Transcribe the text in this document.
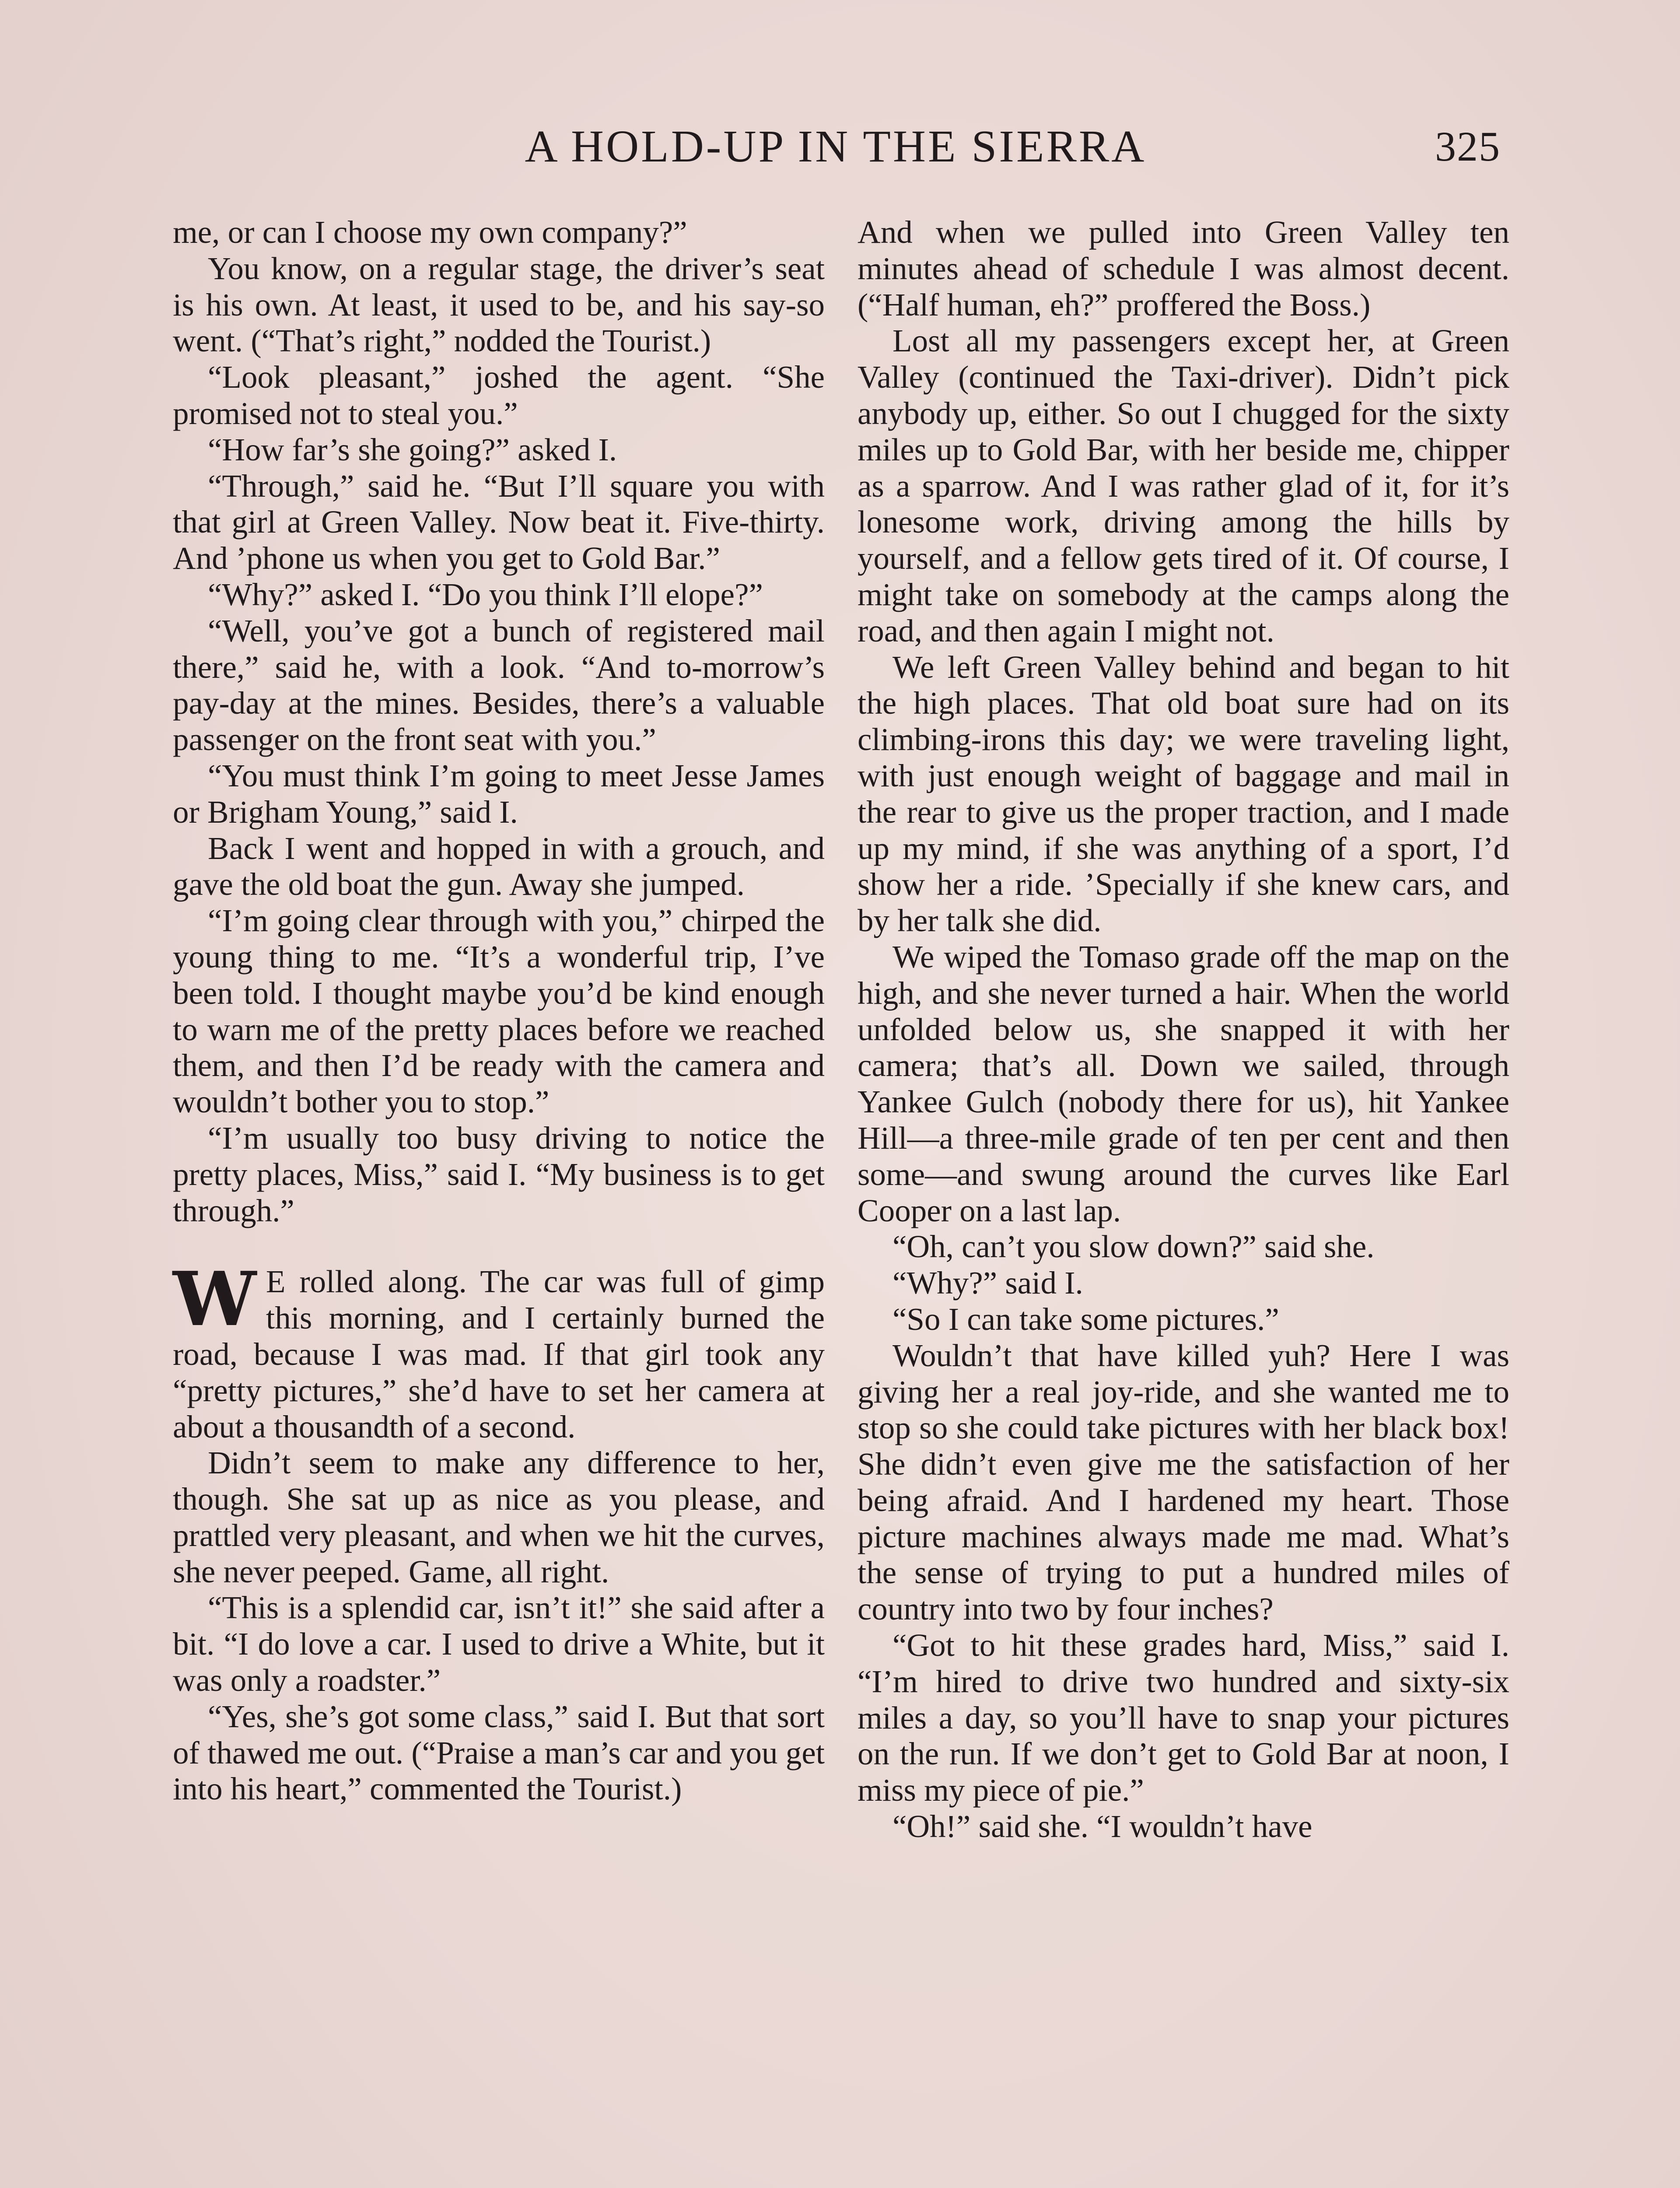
A HOLD-UP IN THE SIERRA	325

me, or can I choose my own company?”

You know, on a regular stage, the driver’s seat is his own. At least, it used to be, and his say-so went. (“That’s right,” nodded the Tourist.)

“Look pleasant,” joshed the agent. “She promised not to steal you.”

“How far’s she going?” asked I.

“Through,” said he. “But I’ll square you with that girl at Green Valley. Now beat it. Five-thirty. And ’phone us when you get to Gold Bar.”

“Why?” asked I. “Do you think I’ll elope?”

“Well, you’ve got a bunch of registered mail there,” said he, with a look. “And to-morrow’s pay-day at the mines. Besides, there’s a valuable passenger on the front seat with you.”

“You must think I’m going to meet Jesse James or Brigham Young,” said I.

Back I went and hopped in with a grouch, and gave the old boat the gun. Away she jumped.

“I’m going clear through with you,” chirped the young thing to me. “It’s a wonderful trip, I’ve been told. I thought maybe you’d be kind enough to warn me of the pretty places before we reached them, and then I’d be ready with the camera and wouldn’t bother you to stop.”

“I’m usually too busy driving to notice the pretty places, Miss,” said I. “My business is to get through.”

W E rolled along. The car was full of gimp this morning, and I certainly burned the road, because I was mad. If that girl took any “pretty pictures,” she’d have to set her camera at about a thousandth of a second.

Didn’t seem to make any difference to her, though. She sat up as nice as you please, and prattled very pleasant, and when we hit the curves, she never peeped. Game, all right.

“This is a splendid car, isn’t it!” she said after a bit. “I do love a car. I used to drive a White, but it was only a roadster.”

“Yes, she’s got some class,” said I. But that sort of thawed me out. (“Praise a man’s car and you get into his heart,” commented the Tourist.)

And when we pulled into Green Valley ten minutes ahead of schedule I was almost decent. (“Half human, eh?” proffered the Boss.)

Lost all my passengers except her, at Green Valley (continued the Taxi-driver). Didn’t pick anybody up, either. So out I chugged for the sixty miles up to Gold Bar, with her beside me, chipper as a sparrow. And I was rather glad of it, for it’s lonesome work, driving among the hills by yourself, and a fellow gets tired of it. Of course, I might take on somebody at the camps along the road, and then again I might not.

We left Green Valley behind and began to hit the high places. That old boat sure had on its climbing-irons this day; we were traveling light, with just enough weight of baggage and mail in the rear to give us the proper traction, and I made up my mind, if she was anything of a sport, I’d show her a ride. ’Specially if she knew cars, and by her talk she did.

We wiped the Tomaso grade off the map on the high, and she never turned a hair. When the world unfolded below us, she snapped it with her camera; that’s all. Down we sailed, through Yankee Gulch (nobody there for us), hit Yankee Hill—a three-mile grade of ten per cent and then some—and swung around the curves like Earl Cooper on a last lap.

“Oh, can’t you slow down?” said she.

“Why?” said I.

“So I can take some pictures.”

Wouldn’t that have killed yuh? Here I was giving her a real joy-ride, and she wanted me to stop so she could take pictures with her black box! She didn’t even give me the satisfaction of her being afraid. And I hardened my heart. Those picture machines always made me mad. What’s the sense of trying to put a hundred miles of country into two by four inches?

“Got to hit these grades hard, Miss,” said I. “I’m hired to drive two hundred and sixty-six miles a day, so you’ll have to snap your pictures on the run. If we don’t get to Gold Bar at noon, I miss my piece of pie.”

“Oh!” said she. “I wouldn’t have
